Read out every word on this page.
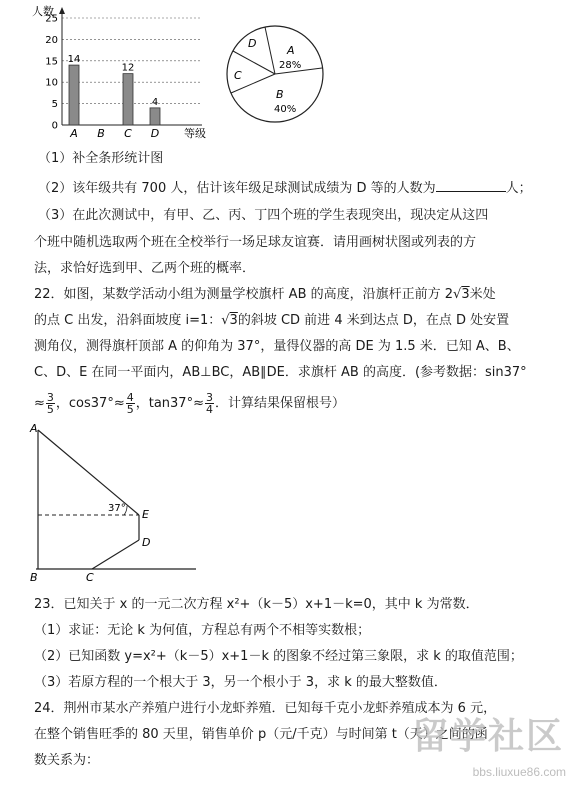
人数
0
5
10
15
20
25
14
12
4
A B C D 等级
A
28%
B
40%
C
D
（1）补全条形统计图
（2）该年级共有 700 人，估计该年级足球测试成绩为 D 等的人数为	人；
（3）在此次测试中，有甲、乙、丙、丁四个班的学生表现突出，现决定从这四
个班中随机选取两个班在全校举行一场足球友谊赛．请用画树状图或列表的方
法，求恰好选到甲、乙两个班的概率．
22．如图，某数学活动小组为测量学校旗杆 AB 的高度，沿旗杆正前方 2√3米处
的点 C 出发，沿斜面坡度 i=1：√3的斜坡 CD 前进 4 米到达点 D，在点 D 处安置
测角仪，测得旗杆顶部 A 的仰角为 37°，量得仪器的高 DE 为 1.5 米．已知 A、B、
C、D、E 在同一平面内，AB⊥BC，AB∥DE．求旗杆 AB 的高度．(参考数据：sin37°
≈ $\frac{3}{5}$ ，$\cos 37^\circ\approx \frac{4}{5}$ ，$\tan 37^\circ\approx \frac{3}{4}$ ．计算结果保留根号）
A
B	C
D
E
37°
23．已知关于 x 的一元二次方程 x²+（k－5）x+1－k=0，其中 k 为常数．
（1）求证：无论 k 为何值，方程总有两个不相等实数根；
（2）已知函数 y=x²+（k－5）x+1－k 的图象不经过第三象限，求 k 的取值范围；
（3）若原方程的一个根大于 3，另一个根小于 3，求 k 的最大整数值．
24．荆州市某水产养殖户进行小龙虾养殖．已知每千克小龙虾养殖成本为 6 元，
在整个销售旺季的 80 天里，销售单价 p（元/千克）与时间第 t（天）之间的函
数关系为：
留学社区
bbs.liuxue86.com
